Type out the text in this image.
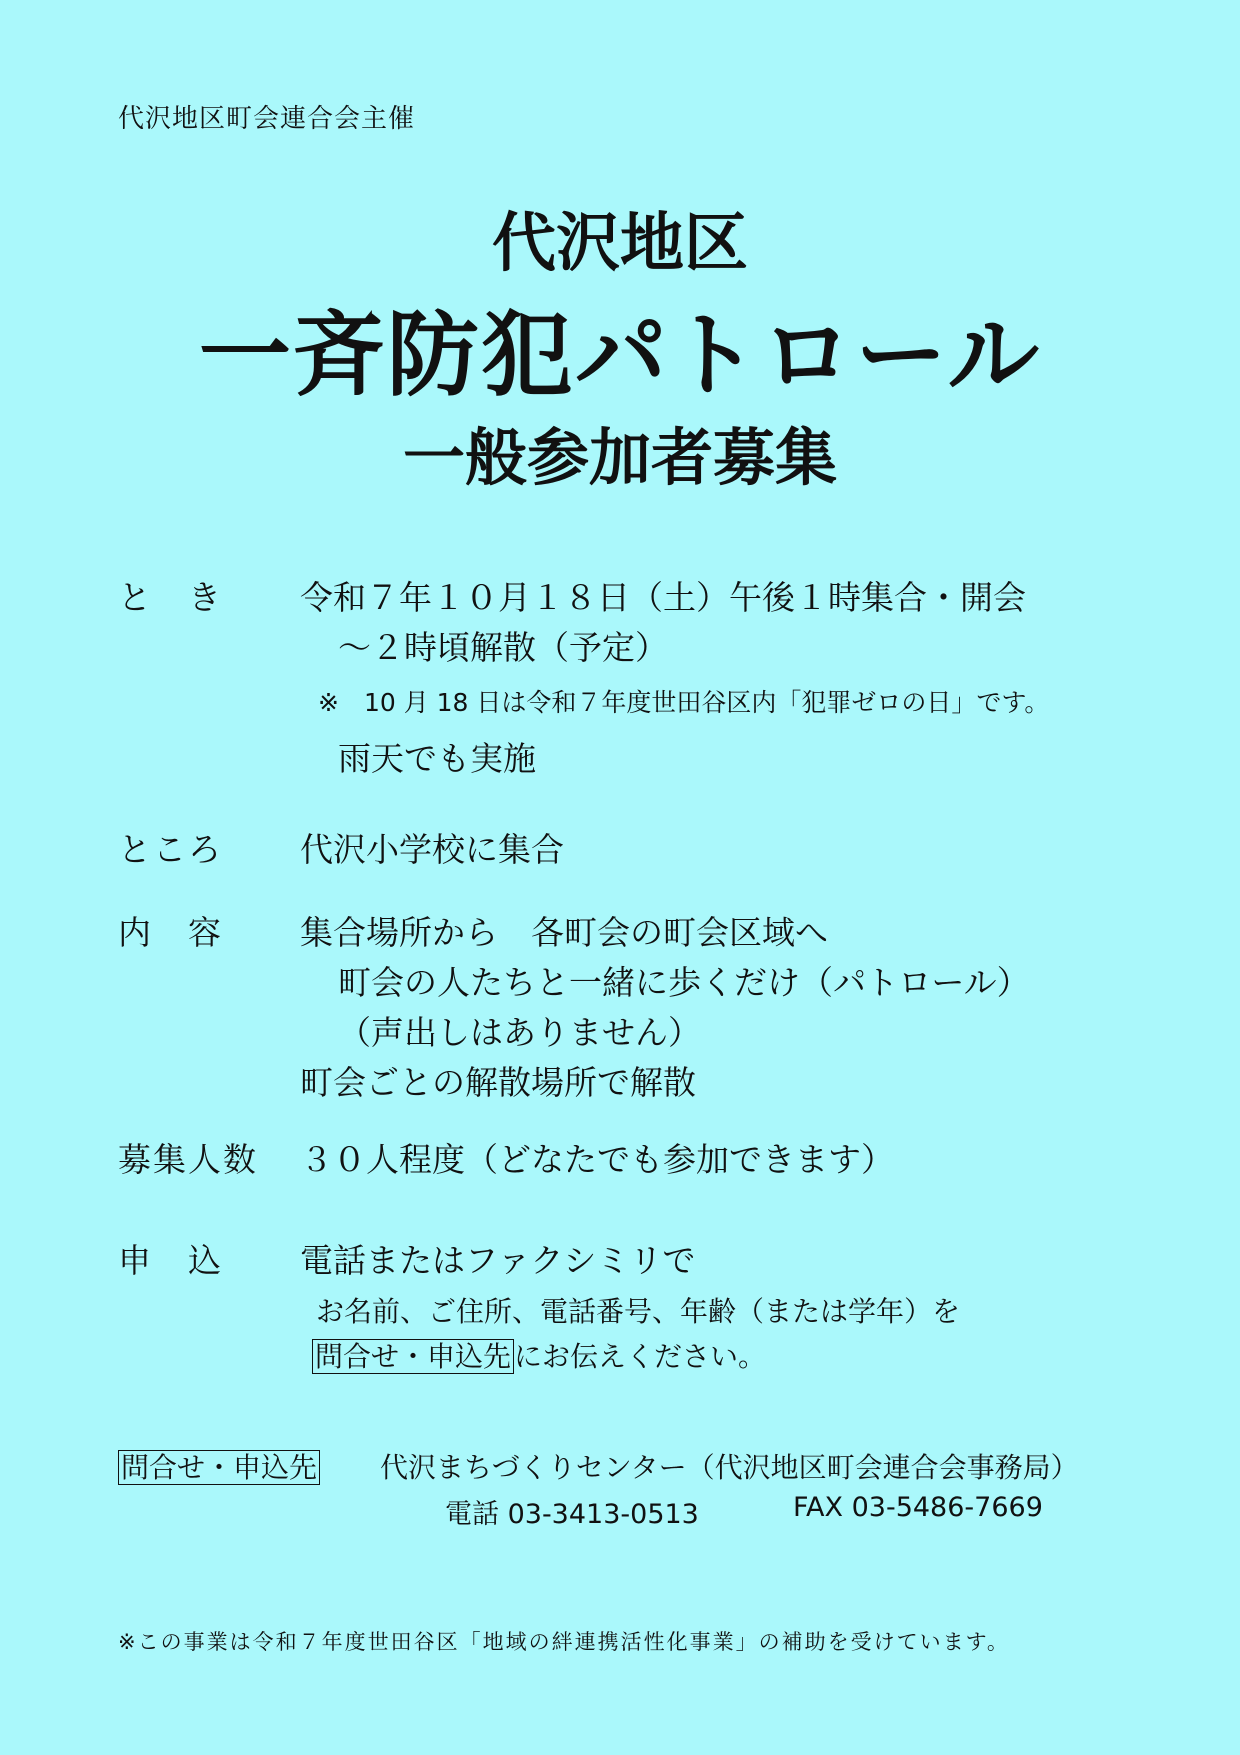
代沢地区町会連合会主催
代沢地区
一斉防犯パトロール
一般参加者募集
と　き 令和７年１０月１８日（土）午後１時集合・開会
～２時頃解散（予定）
※　10 月 18 日は令和７年度世田谷区内「犯罪ゼロの日」です。
雨天でも実施
ところ 代沢小学校に集合
内　容 集合場所から　各町会の町会区域へ
町会の人たちと一緒に歩くだけ（パトロール）
（声出しはありません）
町会ごとの解散場所で解散
募集人数 ３０人程度（どなたでも参加できます）
申　込 電話またはファクシミリで
お名前、ご住所、電話番号、年齢（または学年）を
問合せ・申込先 にお伝えください。
問合せ・申込先 代沢まちづくりセンター（代沢地区町会連合会事務局）
電話 03-3413-0513	FAX 03-5486-7669
※この事業は令和７年度世田谷区「地域の絆連携活性化事業」の補助を受けています。
